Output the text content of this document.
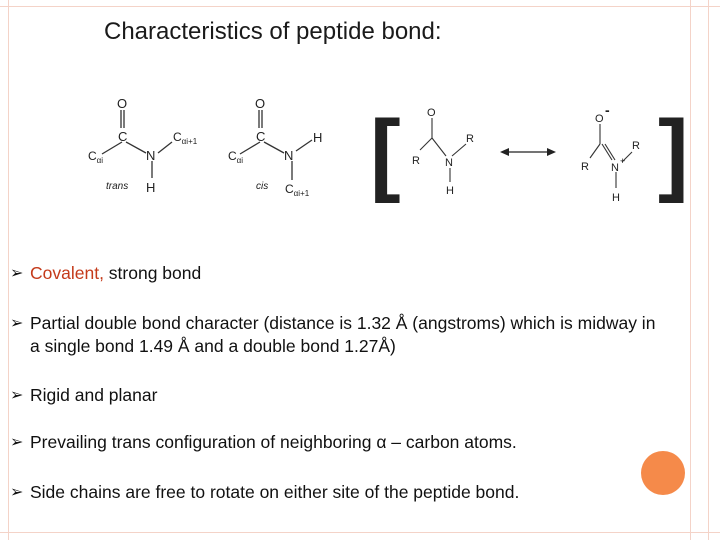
Characteristics of peptide bond:
O
C
N
H
$C_{\alpha i}$
$C_{\alpha i+1}$
trans
O
C
N
H
$C_{\alpha i}$
$C_{\alpha i+1}$
cis [	]
O
R N
R
H
O
-
R N
+
R
H
➢ Covalent, strong bond
➢ Partial double bond character (distance is 1.32 Å (angstroms) which is midway in a single bond 1.49 Å and a double bond 1.27Å)
➢ Rigid and planar
➢ Prevailing trans configuration of neighboring α – carbon atoms.
➢ Side chains are free to rotate on either site of the peptide bond.
